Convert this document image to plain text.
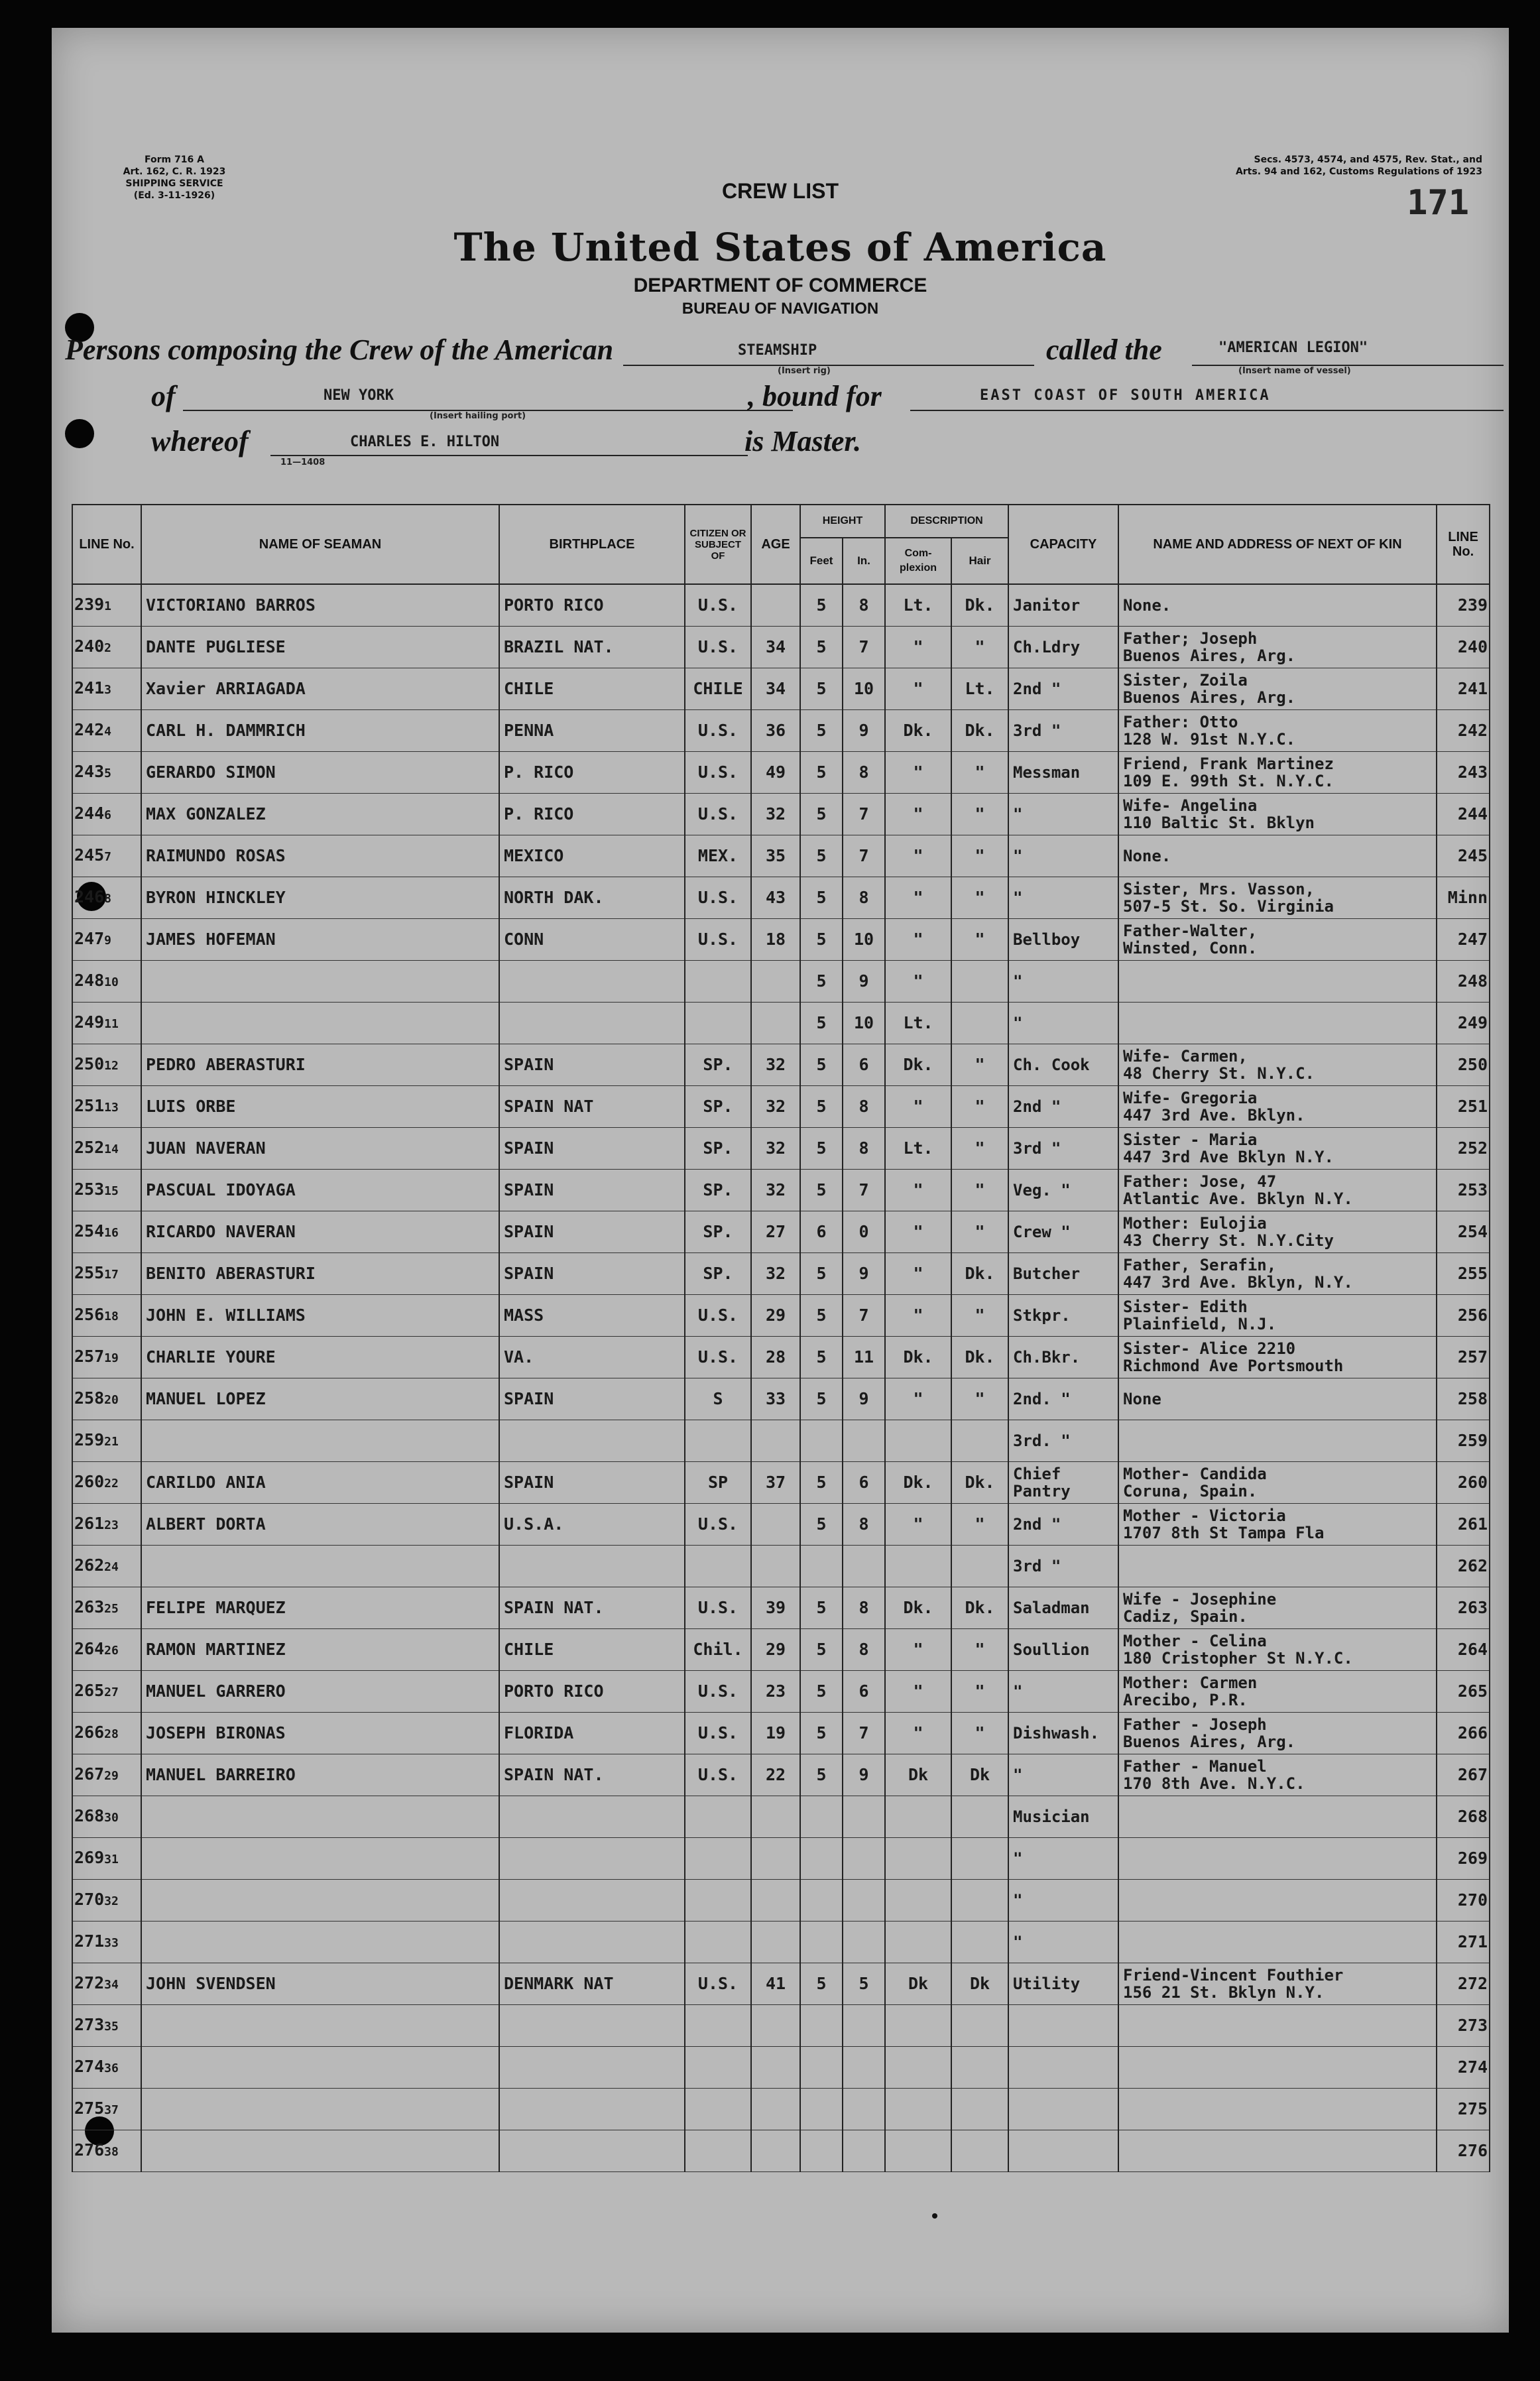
Form 716 A
Art. 162, C. R. 1923
SHIPPING SERVICE
(Ed. 3-11-1926)
Secs. 4573, 4574, and 4575, Rev. Stat., and
Arts. 94 and 162, Customs Regulations of 1923
171
CREW LIST
The United States of America
DEPARTMENT OF COMMERCE
BUREAU OF NAVIGATION
Persons composing the Crew of the American	STEAMSHIP
(Insert rig)
called the	"AMERICAN LEGION"
(Insert name of vessel)
of	NEW YORK
(Insert hailing port)
, bound for	EAST COAST OF SOUTH AMERICA
whereof	CHARLES E. HILTON
11—1408
is Master.
LINE No.	NAME OF SEAMAN	BIRTHPLACE	CITIZEN OR SUBJECT OF	AGE	HEIGHT		DESCRIPTION		CAPACITY	NAME AND ADDRESS OF NEXT OF KIN	LINE No.
					Feet	In.	Com- plexion	Hair			
2391	VICTORIANO BARROS	PORTO RICO	U.S.		5	8	Lt.	Dk.	Janitor	None.	239
2402	DANTE PUGLIESE	BRAZIL NAT.	U.S.	34	5	7	"	"	Ch.Ldry	Father; Joseph
Buenos Aires, Arg.	240
2413	Xavier ARRIAGADA	CHILE	CHILE	34	5	10	"	Lt.	2nd "	Sister, Zoila
Buenos Aires, Arg.	241
2424	CARL H. DAMMRICH	PENNA	U.S.	36	5	9	Dk.	Dk.	3rd "	Father: Otto
128 W. 91st N.Y.C.	242
2435	GERARDO SIMON	P. RICO	U.S.	49	5	8	"	"	Messman	Friend, Frank Martinez
109 E. 99th St. N.Y.C.	243
2446	MAX GONZALEZ	P. RICO	U.S.	32	5	7	"	"	"	Wife- Angelina
110 Baltic St. Bklyn	244
2457	RAIMUNDO ROSAS	MEXICO	MEX.	35	5	7	"	"	"	None.	245
2468	BYRON HINCKLEY	NORTH DAK.	U.S.	43	5	8	"	"	"	Sister, Mrs. Vasson,
507-5 St. So. Virginia	Minn
2479	JAMES HOFEMAN	CONN	U.S.	18	5	10	"	"	Bellboy	Father-Walter,
Winsted, Conn.	247
24810					5	9	"		"		248
24911					5	10	Lt.		"		249
25012	PEDRO ABERASTURI	SPAIN	SP.	32	5	6	Dk.	"	Ch. Cook	Wife- Carmen,
48 Cherry St. N.Y.C.	250
25113	LUIS ORBE	SPAIN NAT	SP.	32	5	8	"	"	2nd "	Wife- Gregoria
447 3rd Ave. Bklyn.	251
25214	JUAN NAVERAN	SPAIN	SP.	32	5	8	Lt.	"	3rd "	Sister - Maria
447 3rd Ave Bklyn N.Y.	252
25315	PASCUAL IDOYAGA	SPAIN	SP.	32	5	7	"	"	Veg. "	Father: Jose, 47
Atlantic Ave. Bklyn N.Y.	253
25416	RICARDO NAVERAN	SPAIN	SP.	27	6	0	"	"	Crew "	Mother: Eulojia
43 Cherry St. N.Y.City	254
25517	BENITO ABERASTURI	SPAIN	SP.	32	5	9	"	Dk.	Butcher	Father, Serafin,
447 3rd Ave. Bklyn, N.Y.	255
25618	JOHN E. WILLIAMS	MASS	U.S.	29	5	7	"	"	Stkpr.	Sister- Edith
Plainfield, N.J.	256
25719	CHARLIE YOURE	VA.	U.S.	28	5	11	Dk.	Dk.	Ch.Bkr.	Sister- Alice 2210
Richmond Ave Portsmouth	257
25820	MANUEL LOPEZ	SPAIN	S	33	5	9	"	"	2nd. "	None	258
25921									3rd. "		259
26022	CARILDO ANIA	SPAIN	SP	37	5	6	Dk.	Dk.	Chief
Pantry	Mother- Candida
Coruna, Spain.	260
26123	ALBERT DORTA	U.S.A.	U.S.		5	8	"	"	2nd "	Mother - Victoria
1707 8th St Tampa Fla	261
26224									3rd "		262
26325	FELIPE MARQUEZ	SPAIN NAT.	U.S.	39	5	8	Dk.	Dk.	Saladman	Wife - Josephine
Cadiz, Spain.	263
26426	RAMON MARTINEZ	CHILE	Chil.	29	5	8	"	"	Soullion	Mother - Celina
180 Cristopher St N.Y.C.	264
26527	MANUEL GARRERO	PORTO RICO	U.S.	23	5	6	"	"	"	Mother: Carmen
Arecibo, P.R.	265
26628	JOSEPH BIRONAS	FLORIDA	U.S.	19	5	7	"	"	Dishwash.	Father - Joseph
Buenos Aires, Arg.	266
26729	MANUEL BARREIRO	SPAIN NAT.	U.S.	22	5	9	Dk	Dk	"	Father - Manuel
170 8th Ave. N.Y.C.	267
26830									Musician		268
26931									"		269
27032									"		270
27133									"		271
27234	JOHN SVENDSEN	DENMARK NAT	U.S.	41	5	5	Dk	Dk	Utility	Friend-Vincent Fouthier
156 21 St. Bklyn N.Y.	272
27335											273
27436											274
27537											275
27638											276
